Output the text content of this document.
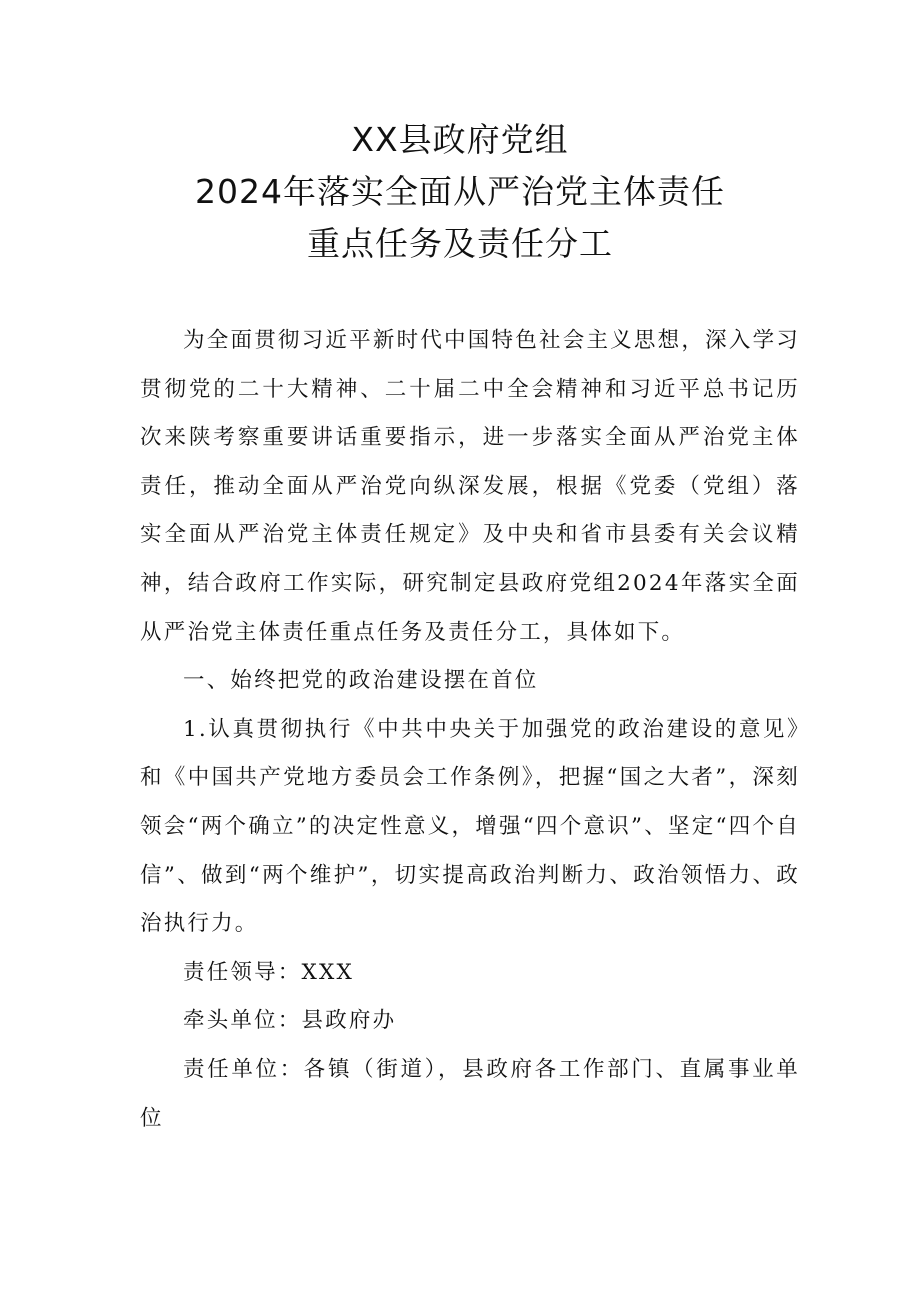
XX县政府党组
2024年落实全面从严治党主体责任
重点任务及责任分工

为全面贯彻习近平新时代中国特色社会主义思想，深入学习贯彻党的二十大精神、二十届二中全会精神和习近平总书记历次来陕考察重要讲话重要指示，进一步落实全面从严治党主体责任，推动全面从严治党向纵深发展，根据《党委（党组）落实全面从严治党主体责任规定》及中央和省市县委有关会议精神，结合政府工作实际，研究制定县政府党组2024年落实全面从严治党主体责任重点任务及责任分工，具体如下。

一、始终把党的政治建设摆在首位

1.认真贯彻执行《中共中央关于加强党的政治建设的意见》和《中国共产党地方委员会工作条例》，把握“国之大者”，深刻领会“两个确立”的决定性意义，增强“四个意识”、坚定“四个自信”、做到“两个维护”，切实提高政治判断力、政治领悟力、政治执行力。

责任领导：XXX

牵头单位：县政府办

责任单位：各镇（街道），县政府各工作部门、直属事业单位
